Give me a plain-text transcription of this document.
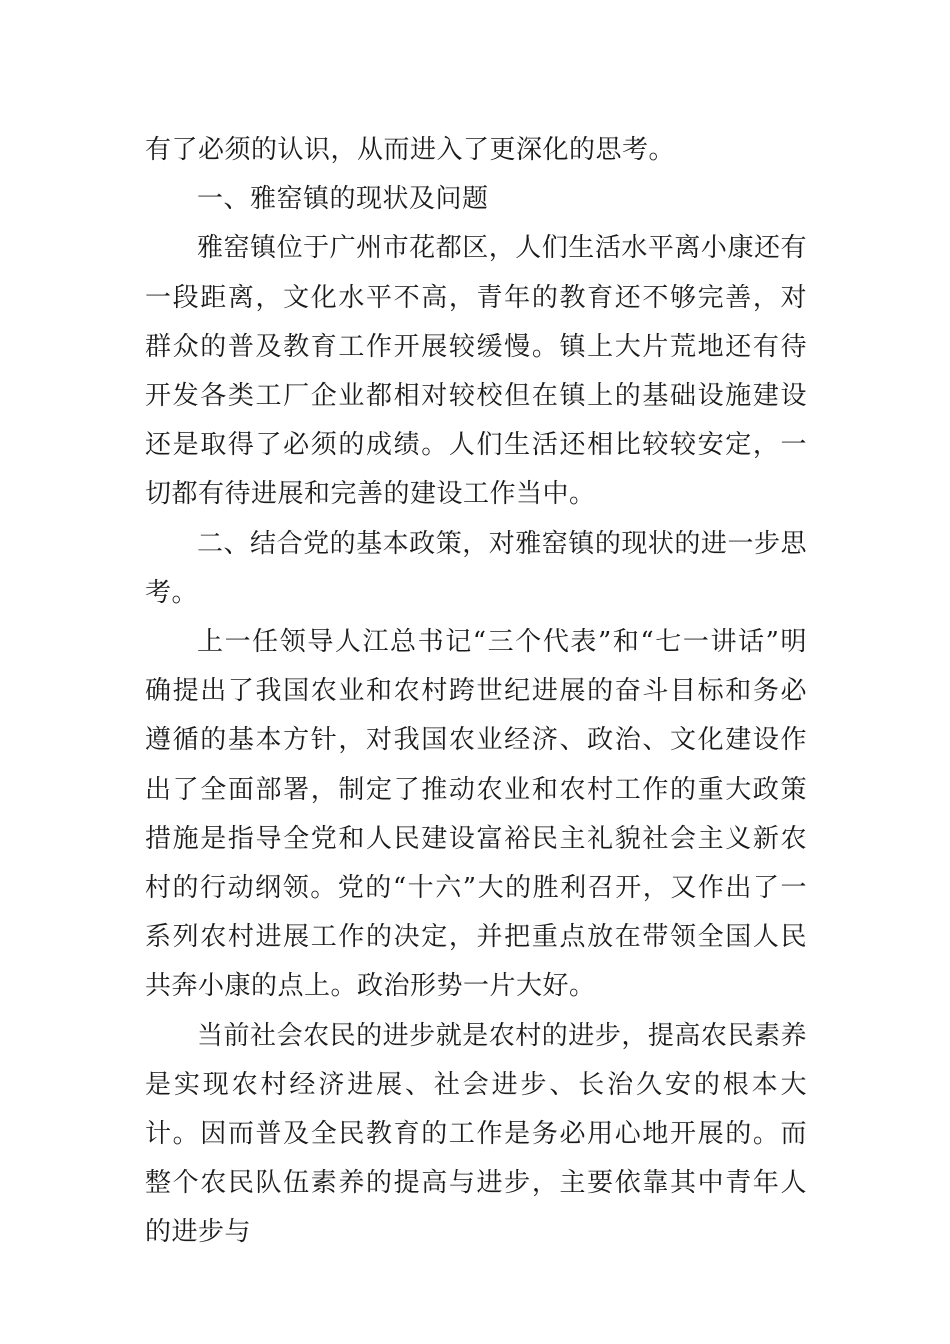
有了必须的认识，从而进入了更深化的思考。

一、雅窑镇的现状及问题

雅窑镇位于广州市花都区，人们生活水平离小康还有一段距离，文化水平不高，青年的教育还不够完善，对群众的普及教育工作开展较缓慢。镇上大片荒地还有待开发各类工厂企业都相对较校但在镇上的基础设施建设还是取得了必须的成绩。人们生活还相比较较安定，一切都有待进展和完善的建设工作当中。

二、结合党的基本政策，对雅窑镇的现状的进一步思考。

上一任领导人江总书记“三个代表”和“七一讲话”明确提出了我国农业和农村跨世纪进展的奋斗目标和务必遵循的基本方针，对我国农业经济、政治、文化建设作出了全面部署，制定了推动农业和农村工作的重大政策措施是指导全党和人民建设富裕民主礼貌社会主义新农村的行动纲领。党的“十六”大的胜利召开，又作出了一系列农村进展工作的决定，并把重点放在带领全国人民共奔小康的点上。政治形势一片大好。

当前社会农民的进步就是农村的进步，提高农民素养是实现农村经济进展、社会进步、长治久安的根本大计。因而普及全民教育的工作是务必用心地开展的。而整个农民队伍素养的提高与进步，主要依靠其中青年人的进步与
